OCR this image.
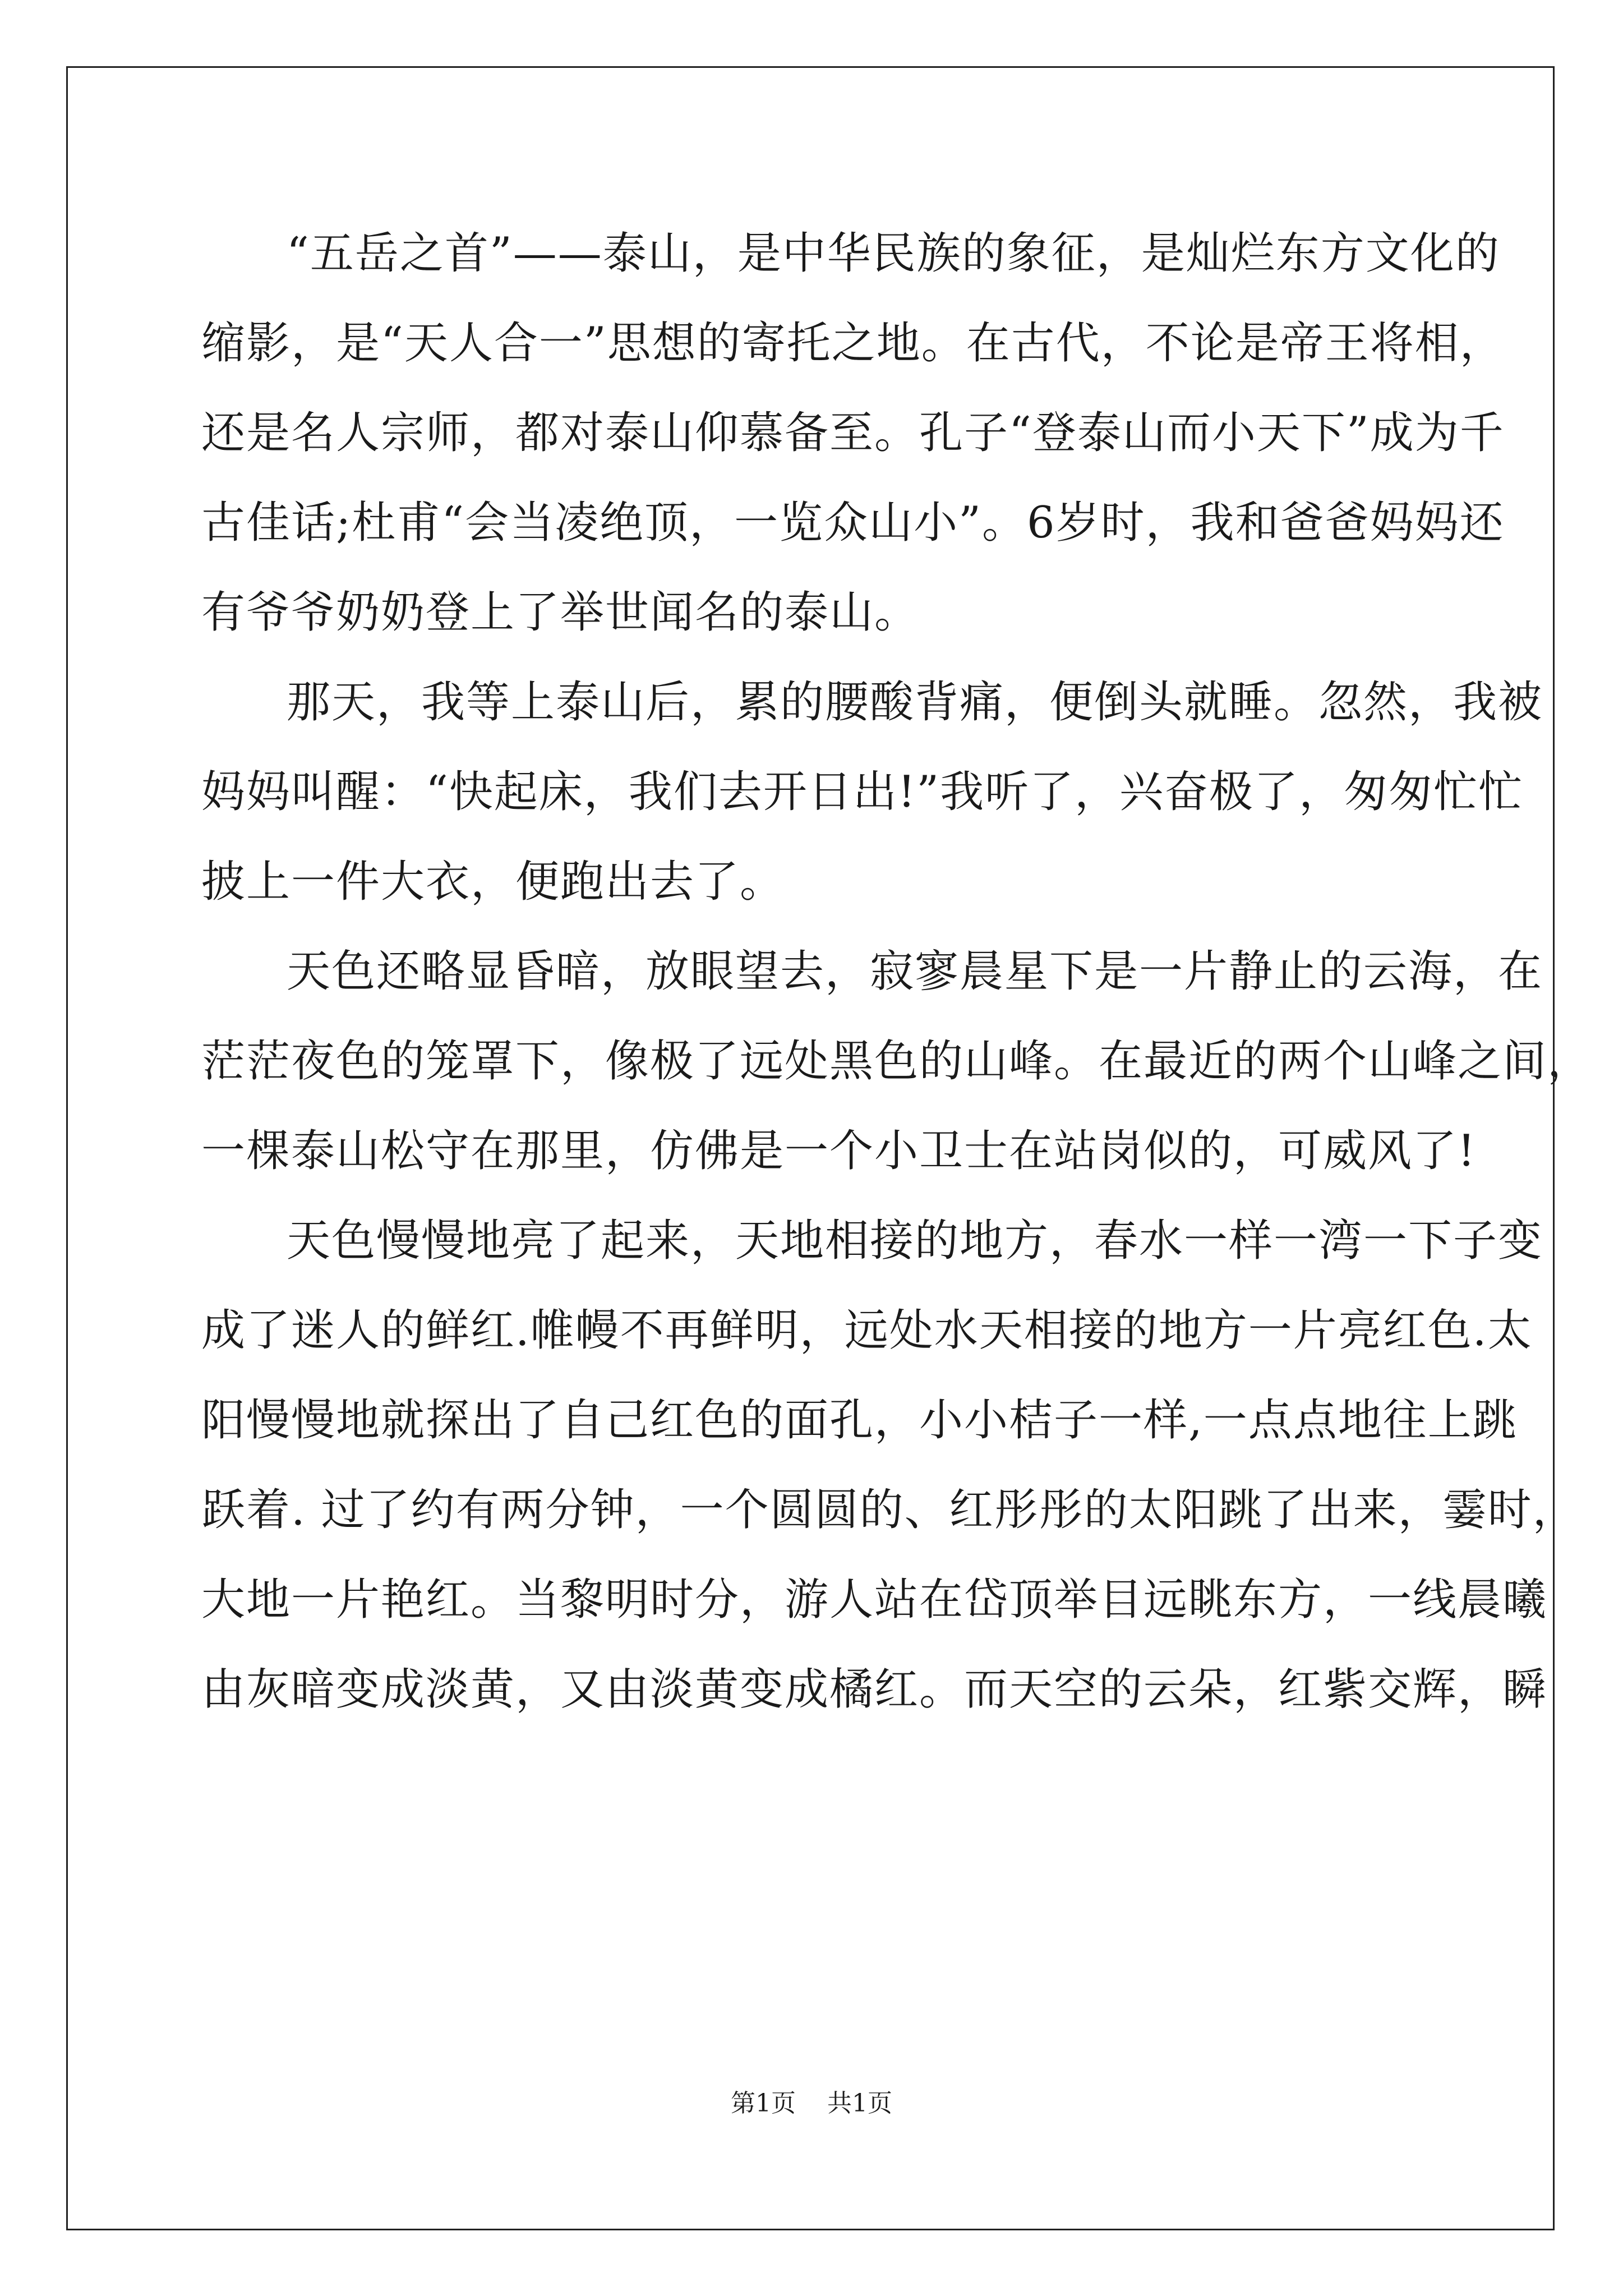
“五岳之首”——泰山，是中华民族的象征，是灿烂东方文化的
缩影，是“天人合一”思想的寄托之地。在古代，不论是帝王将相，
还是名人宗师，都对泰山仰慕备至。孔子“登泰山而小天下”成为千
古佳话;杜甫“会当凌绝顶，一览众山小”。6岁时，我和爸爸妈妈还
有爷爷奶奶登上了举世闻名的泰山。
那天，我等上泰山后，累的腰酸背痛，便倒头就睡。忽然，我被
妈妈叫醒：“快起床，我们去开日出!”我听了，兴奋极了，匆匆忙忙
披上一件大衣，便跑出去了。
天色还略显昏暗，放眼望去，寂寥晨星下是一片静止的云海，在
茫茫夜色的笼罩下，像极了远处黑色的山峰。在最近的两个山峰之间，
一棵泰山松守在那里，仿佛是一个小卫士在站岗似的，可威风了!
天色慢慢地亮了起来，天地相接的地方，春水一样一湾一下子变
成了迷人的鲜红.帷幔不再鲜明，远处水天相接的地方一片亮红色.太
阳慢慢地就探出了自己红色的面孔，小小桔子一样,一点点地往上跳
跃着. 过了约有两分钟，一个圆圆的、红彤彤的太阳跳了出来，霎时，
大地一片艳红。当黎明时分，游人站在岱顶举目远眺东方，一线晨曦
由灰暗变成淡黄，又由淡黄变成橘红。而天空的云朵，红紫交辉，瞬
第1页 共1页
